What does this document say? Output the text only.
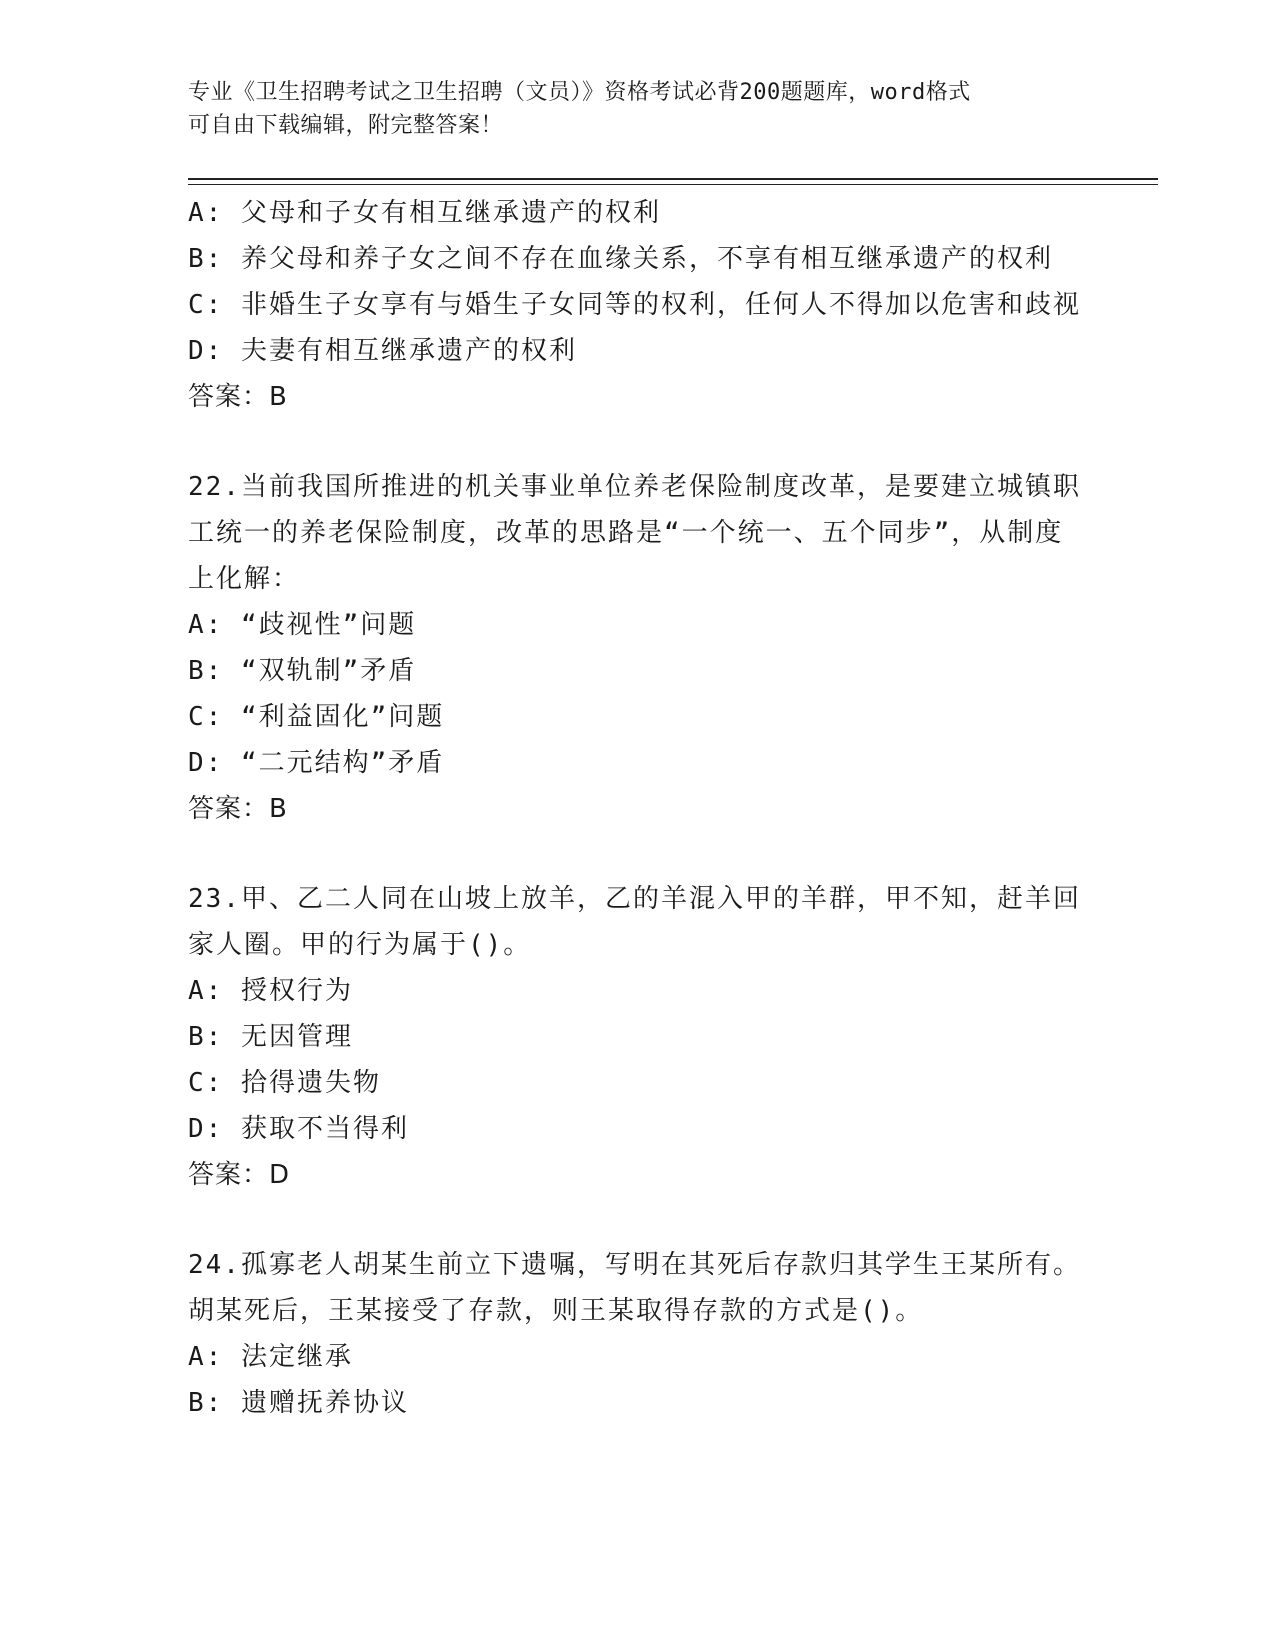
专业《卫生招聘考试之卫生招聘（文员）》资格考试必背200题题库，word格式
可自由下载编辑，附完整答案！
A: 父母和子女有相互继承遗产的权利
B: 养父母和养子女之间不存在血缘关系，不享有相互继承遗产的权利
C: 非婚生子女享有与婚生子女同等的权利，任何人不得加以危害和歧视
D: 夫妻有相互继承遗产的权利
答案：B
22.当前我国所推进的机关事业单位养老保险制度改革，是要建立城镇职工统一的养老保险制度，改革的思路是“一个统一、五个同步”，从制度上化解：
A: “歧视性”问题
B: “双轨制”矛盾
C: “利益固化”问题
D: “二元结构”矛盾
答案：B
23.甲、乙二人同在山坡上放羊，乙的羊混入甲的羊群，甲不知，赶羊回家人圈。甲的行为属于()。
A: 授权行为
B: 无因管理
C: 拾得遗失物
D: 获取不当得利
答案：D
24.孤寡老人胡某生前立下遗嘱，写明在其死后存款归其学生王某所有。胡某死后，王某接受了存款，则王某取得存款的方式是()。
A: 法定继承
B: 遗赠抚养协议
